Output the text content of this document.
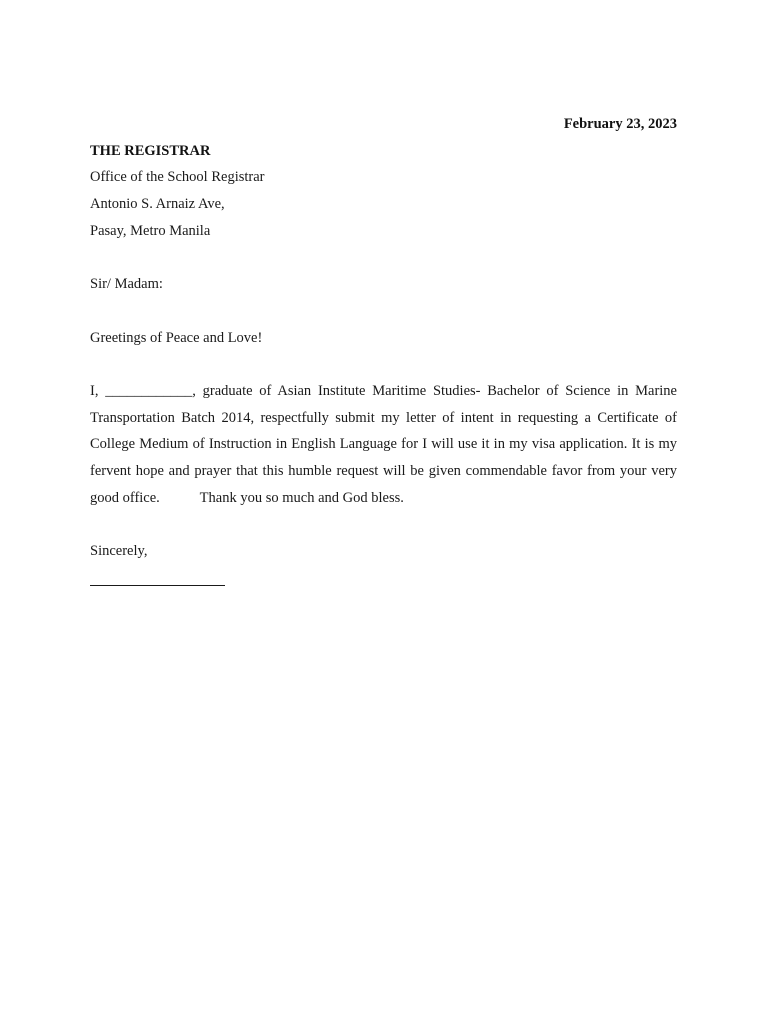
February 23, 2023
THE REGISTRAR
Office of the School Registrar
Antonio S. Arnaiz Ave,
Pasay, Metro Manila
Sir/ Madam:
Greetings of Peace and Love!
I, ____________, graduate of Asian Institute Maritime Studies- Bachelor of Science in Marine Transportation Batch 2014, respectfully submit my letter of intent in requesting a Certificate of College Medium of Instruction in English Language for I will use it in my visa application. It is my fervent hope and prayer that this humble request will be given commendable favor from your very good office.	Thank you so much and God bless.
Sincerely,
